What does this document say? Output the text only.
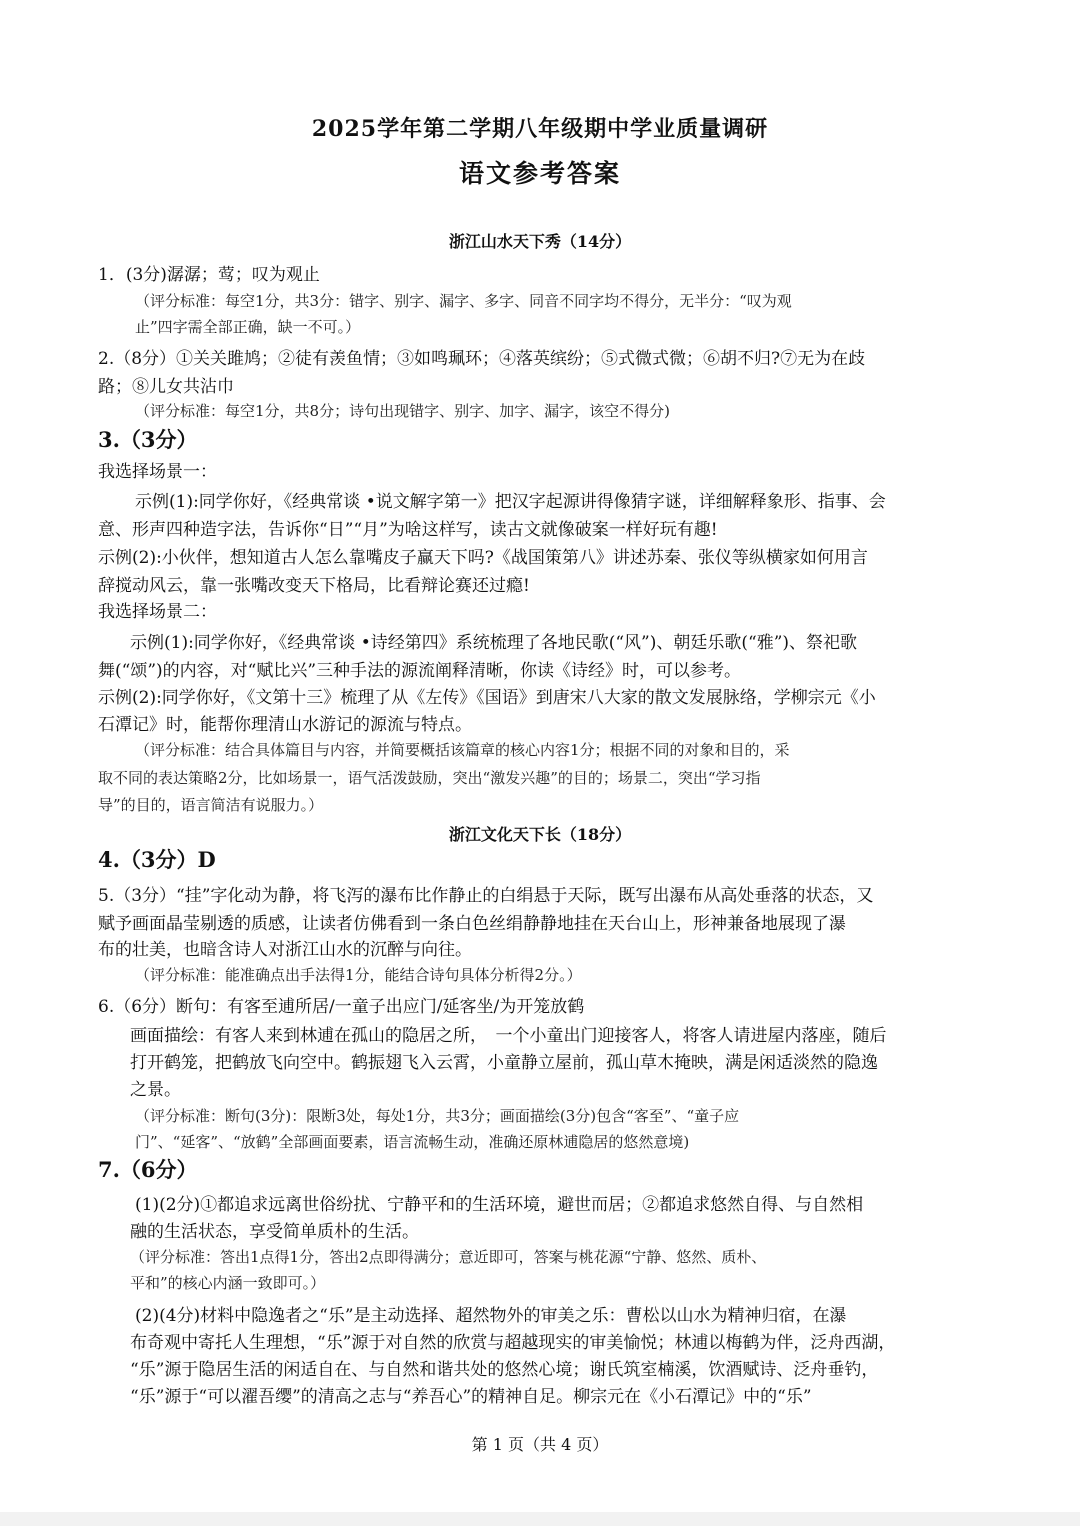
2025学年第二学期八年级期中学业质量调研
语文参考答案
浙江山水天下秀（14分）
1．(3分)潺潺；莺；叹为观止
（评分标准：每空1分，共3分：错字、别字、漏字、多字、同音不同字均不得分，无半分：“叹为观
止”四字需全部正确，缺一不可。）
2.（8分）①关关雎鸠；②徒有羡鱼情；③如鸣珮环；④落英缤纷；⑤式微式微；⑥胡不归?⑦无为在歧
路；⑧儿女共沾巾
（评分标准：每空1分，共8分；诗句出现错字、别字、加字、漏字，该空不得分)
3.（3分）
我选择场景一：
示例(1):同学你好，《经典常谈 •说文解字第一》把汉字起源讲得像猜字谜，详细解释象形、指事、会
意、形声四种造字法，告诉你“日”“月”为啥这样写，读古文就像破案一样好玩有趣!
示例(2):小伙伴，想知道古人怎么靠嘴皮子赢天下吗?《战国策第八》讲述苏秦、张仪等纵横家如何用言
辞搅动风云，靠一张嘴改变天下格局，比看辩论赛还过瘾!
我选择场景二：
示例(1):同学你好，《经典常谈 •诗经第四》系统梳理了各地民歌(“风”)、朝廷乐歌(“雅”)、祭祀歌
舞(“颂”)的内容，对“赋比兴”三种手法的源流阐释清晰，你读《诗经》时，可以参考。
示例(2):同学你好，《文第十三》梳理了从《左传》《国语》到唐宋八大家的散文发展脉络，学柳宗元《小
石潭记》时，能帮你理清山水游记的源流与特点。
（评分标准：结合具体篇目与内容，并简要概括该篇章的核心内容1分；根据不同的对象和目的，采
取不同的表达策略2分，比如场景一，语气活泼鼓励，突出“激发兴趣”的目的；场景二，突出“学习指
导”的目的，语言简洁有说服力。）
浙江文化天下长（18分）
4.（3分）D
5.（3分）“挂”字化动为静，将飞泻的瀑布比作静止的白绢悬于天际，既写出瀑布从高处垂落的状态，又
赋予画面晶莹剔透的质感，让读者仿佛看到一条白色丝绢静静地挂在天台山上，形神兼备地展现了瀑
布的壮美，也暗含诗人对浙江山水的沉醉与向往。
（评分标准：能准确点出手法得1分，能结合诗句具体分析得2分。）
6.（6分）断句：有客至逋所居/一童子出应门/延客坐/为开笼放鹤
画面描绘：有客人来到林逋在孤山的隐居之所，　一个小童出门迎接客人，将客人请进屋内落座，随后
打开鹤笼，把鹤放飞向空中。鹤振翅飞入云霄，小童静立屋前，孤山草木掩映，满是闲适淡然的隐逸
之景。
（评分标准：断句(3分)：限断3处，每处1分，共3分；画面描绘(3分)包含“客至”、“童子应
门”、“延客”、“放鹤”全部画面要素，语言流畅生动，准确还原林逋隐居的悠然意境)
7.（6分）
(1)(2分)①都追求远离世俗纷扰、宁静平和的生活环境，避世而居；②都追求悠然自得、与自然相
融的生活状态，享受简单质朴的生活。
（评分标准：答出1点得1分，答出2点即得满分；意近即可，答案与桃花源“宁静、悠然、质朴、
平和”的核心内涵一致即可。）
(2)(4分)材料中隐逸者之“乐”是主动选择、超然物外的审美之乐：曹松以山水为精神归宿，在瀑
布奇观中寄托人生理想，“乐”源于对自然的欣赏与超越现实的审美愉悦；林逋以梅鹤为伴，泛舟西湖，
“乐”源于隐居生活的闲适自在、与自然和谐共处的悠然心境；谢氏筑室楠溪，饮酒赋诗、泛舟垂钓，
“乐”源于“可以濯吾缨”的清高之志与“养吾心”的精神自足。柳宗元在《小石潭记》中的“乐”
第 1 页（共 4 页）
